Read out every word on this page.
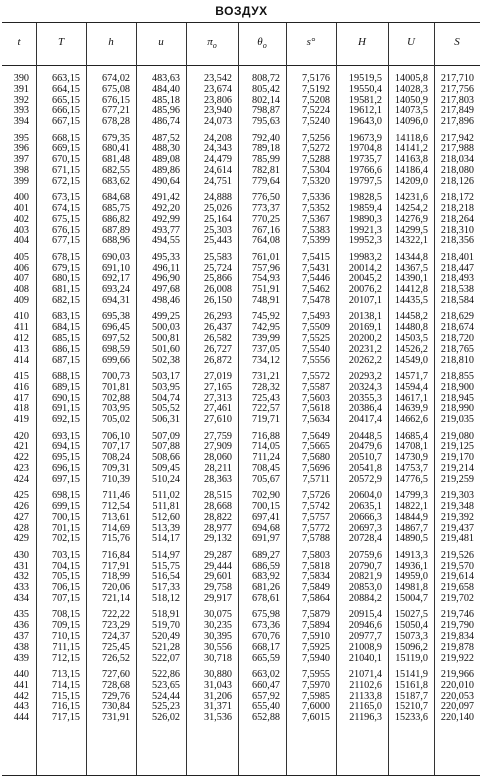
ВОЗДУХ
t	T	h	u	$\pi_o$	$\theta_o$	s°	H	U	S
390 663,15 674,02 483,63 23,542 808,72 7,5176 19519,5 14005,8 217,710
391 664,15 675,08 484,40 23,674 805,42 7,5192 19550,4 14028,3 217,756
392 665,15 676,15 485,18 23,806 802,14 7,5208 19581,2 14050,9 217,803
393 666,15 677,21 485,96 23,940 798,87 7,5224 19612,1 14073,5 217,849
394 667,15 678,28 486,74 24,073 795,63 7,5240 19643,0 14096,0 217,896
395 668,15 679,35 487,52 24,208 792,40 7,5256 19673,9 14118,6 217,942
396 669,15 680,41 488,30 24,343 789,18 7,5272 19704,8 14141,2 217,988
397 670,15 681,48 489,08 24,479 785,99 7,5288 19735,7 14163,8 218,034
398 671,15 682,55 489,86 24,614 782,81 7,5304 19766,6 14186,4 218,080
399 672,15 683,62 490,64 24,751 779,64 7,5320 19797,5 14209,0 218,126
400 673,15 684,68 491,42 24,888 776,50 7,5336 19828,5 14231,6 218,172
401 674,15 685,75 492,20 25,026 773,37 7,5352 19859,4 14254,2 218,218
402 675,15 686,82 492,99 25,164 770,25 7,5367 19890,3 14276,9 218,264
403 676,15 687,89 493,77 25,303 767,16 7,5383 19921,3 14299,5 218,310
404 677,15 688,96 494,55 25,443 764,08 7,5399 19952,3 14322,1 218,356
405 678,15 690,03 495,33 25,583 761,01 7,5415 19983,2 14344,8 218,401
406 679,15 691,10 496,11 25,724 757,96 7,5431 20014,2 14367,5 218,447
407 680,15 692,17 496,90 25,866 754,93 7,5446 20045,2 14390,1 218,493
408 681,15 693,24 497,68 26,008 751,91 7,5462 20076,2 14412,8 218,538
409 682,15 694,31 498,46 26,150 748,91 7,5478 20107,1 14435,5 218,584
410 683,15 695,38 499,25 26,293 745,92 7,5493 20138,1 14458,2 218,629
411 684,15 696,45 500,03 26,437 742,95 7,5509 20169,1 14480,8 218,674
412 685,15 697,52 500,81 26,582 739,99 7,5525 20200,2 14503,5 218,720
413 686,15 698,59 501,60 26,727 737,05 7,5540 20231,2 14526,2 218,765
414 687,15 699,66 502,38 26,872 734,12 7,5556 20262,2 14549,0 218,810
415 688,15 700,73 503,17 27,019 731,21 7,5572 20293,2 14571,7 218,855
416 689,15 701,81 503,95 27,165 728,32 7,5587 20324,3 14594,4 218,900
417 690,15 702,88 504,74 27,313 725,43 7,5603 20355,3 14617,1 218,945
418 691,15 703,95 505,52 27,461 722,57 7,5618 20386,4 14639,9 218,990
419 692,15 705,02 506,31 27,610 719,71 7,5634 20417,4 14662,6 219,035
420 693,15 706,10 507,09 27,759 716,88 7,5649 20448,5 14685,4 219,080
421 694,15 707,17 507,88 27,909 714,05 7,5665 20479,6 14708,1 219,125
422 695,15 708,24 508,66 28,060 711,24 7,5680 20510,7 14730,9 219,170
423 696,15 709,31 509,45 28,211 708,45 7,5696 20541,8 14753,7 219,214
424 697,15 710,39 510,24 28,363 705,67 7,5711 20572,9 14776,5 219,259
425 698,15 711,46 511,02 28,515 702,90 7,5726 20604,0 14799,3 219,303
426 699,15 712,54 511,81 28,668 700,15 7,5742 20635,1 14822,1 219,348
427 700,15 713,61 512,60 28,822 697,41 7,5757 20666,3 14844,9 219,392
428 701,15 714,69 513,39 28,977 694,68 7,5772 20697,3 14867,7 219,437
429 702,15 715,76 514,17 29,132 691,97 7,5788 20728,4 14890,5 219,481
430 703,15 716,84 514,97 29,287 689,27 7,5803 20759,6 14913,3 219,526
431 704,15 717,91 515,75 29,444 686,59 7,5818 20790,7 14936,1 219,570
432 705,15 718,99 516,54 29,601 683,92 7,5834 20821,9 14959,0 219,614
433 706,15 720,06 517,33 29,758 681,26 7,5849 20853,0 14981,8 219,658
434 707,15 721,14 518,12 29,917 678,61 7,5864 20884,2 15004,7 219,702
435 708,15 722,22 518,91 30,075 675,98 7,5879 20915,4 15027,5 219,746
436 709,15 723,29 519,70 30,235 673,36 7,5894 20946,6 15050,4 219,790
437 710,15 724,37 520,49 30,395 670,76 7,5910 20977,7 15073,3 219,834
438 711,15 725,45 521,28 30,556 668,17 7,5925 21008,9 15096,2 219,878
439 712,15 726,52 522,07 30,718 665,59 7,5940 21040,1 15119,0 219,922
440 713,15 727,60 522,86 30,880 663,02 7,5955 21071,4 15141,9 219,966
441 714,15 728,68 523,65 31,043 660,47 7,5970 21102,6 15161,8 220,010
442 715,15 729,76 524,44 31,206 657,92 7,5985 21133,8 15187,7 220,053
443 716,15 730,84 525,23 31,371 655,40 7,6000 21165,0 15210,7 220,097
444 717,15 731,91 526,02 31,536 652,88 7,6015 21196,3 15233,6 220,140
